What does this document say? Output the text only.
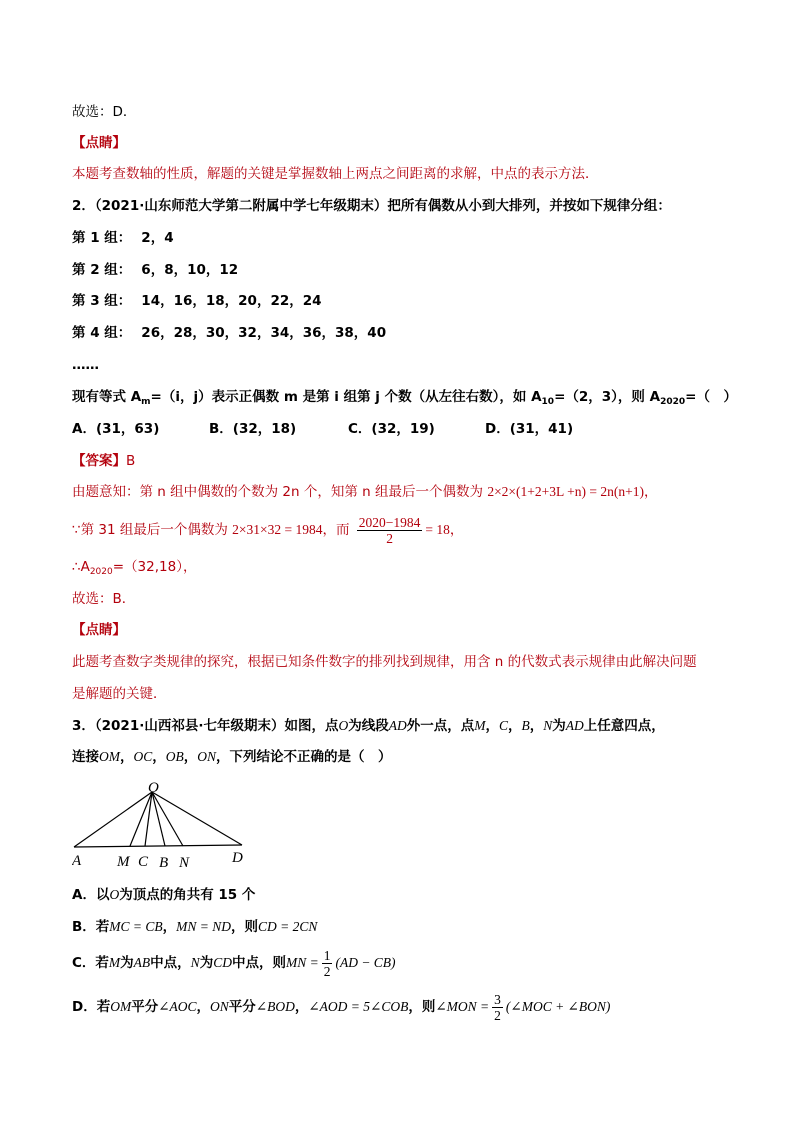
故选：D．
【点睛】
本题考查数轴的性质，解题的关键是掌握数轴上两点之间距离的求解，中点的表示方法．
2．（2021·山东师范大学第二附属中学七年级期末）把所有偶数从小到大排列，并按如下规律分组：
第 1 组： 2，4
第 2 组： 6，8，10，12
第 3 组： 14，16，18，20，22，24
第 4 组： 26，28，30，32，34，36，38，40
……
现有等式 $A_m=(i$，j）表示正偶数 m 是第 i 组第 j 个数（从左往右数），如 $A_{10}=(2$，3），则 $A_{2020}=$（　）
A．(31，63)	B．(32，18)	C．(32，19)	D．(31，41)
【答案】B
由题意知：第 n 组中偶数的个数为 2n 个，知第 n 组最后一个偶数为 2×2×(1+2+3L +n) = 2n(n+1)，
∵第 31 组最后一个偶数为 2×31×32 = 1984，而 $\frac{2020-1984}{2} = 18$，
$\therefore A_{2020}=(32,18)$，
故选：B．
【点睛】
此题考查数字类规律的探究，根据已知条件数字的排列找到规律，用含 n 的代数式表示规律由此解决问题
是解题的关键．
3．（2021·山西祁县·七年级期末）如图，点O为线段AD外一点，点M，C，B，N为AD上任意四点，
连接OM，OC，OB，ON，下列结论不正确的是（　）
O
A M C B N	D
A．以O为顶点的角共有 15 个
B．若MC = CB，MN = ND，则CD = 2CN
C．若M为AB中点，N为CD中点，则MN = $\frac{1}{2} (AD - CB)$
D．若OM平分∠AOC，ON平分∠BOD，∠AOD = 5∠COB，则∠MON = $\frac{3}{2}$ (∠MOC + ∠BON)
